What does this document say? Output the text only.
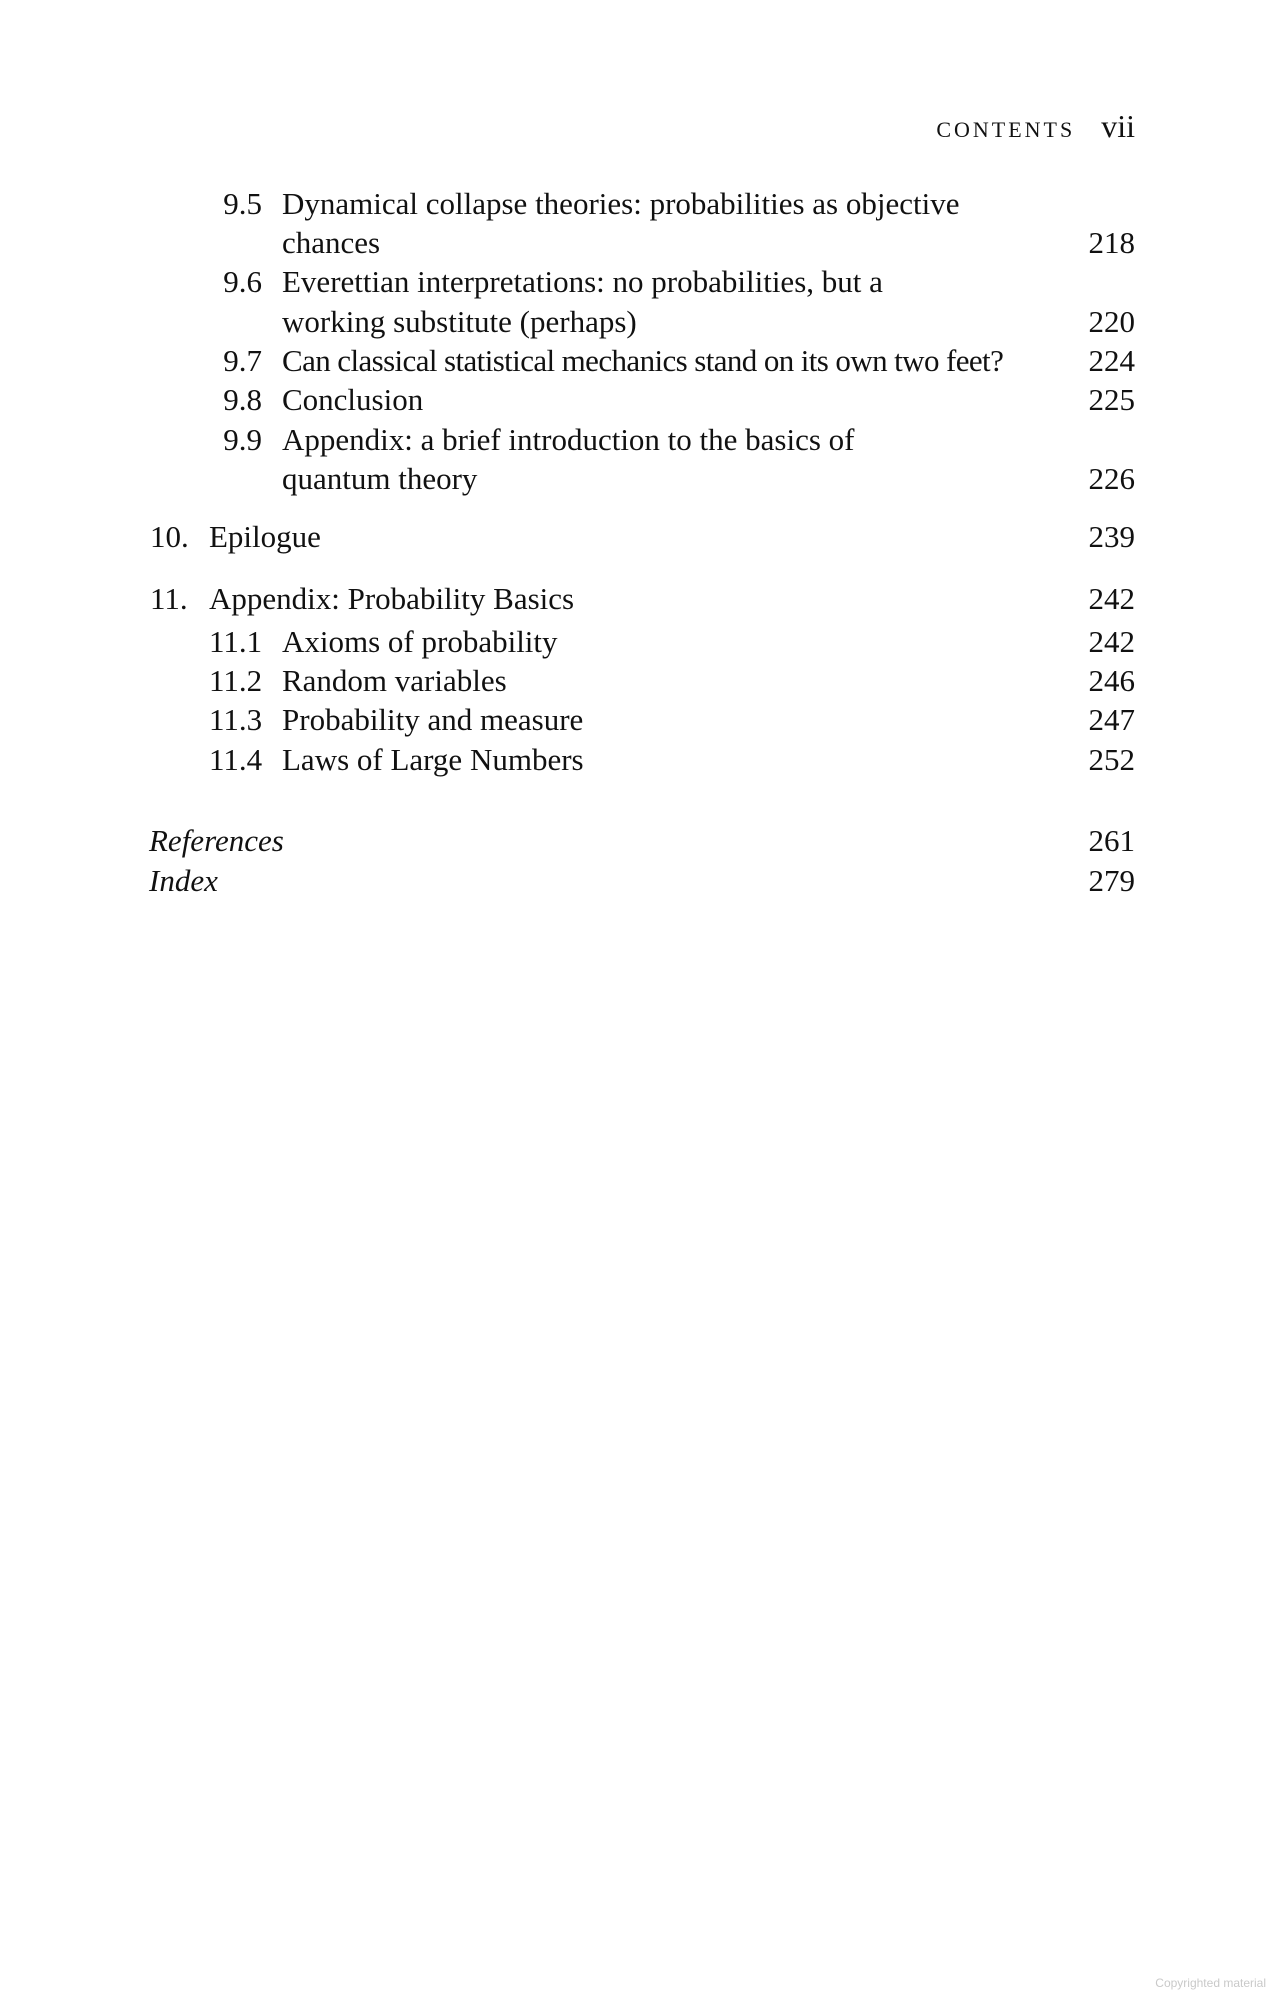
CONTENTS vii
9.5 Dynamical collapse theories: probabilities as objective
chances	218
9.6 Everettian interpretations: no probabilities, but a
working substitute (perhaps)	220
9.7 Can classical statistical mechanics stand on its own two feet?	224
9.8 Conclusion	225
9.9 Appendix: a brief introduction to the basics of
quantum theory	226
10. Epilogue	239
11. Appendix: Probability Basics	242
11.1 Axioms of probability	242
11.2 Random variables	246
11.3 Probability and measure	247
11.4 Laws of Large Numbers	252
References	261
Index	279
Copyrighted material
